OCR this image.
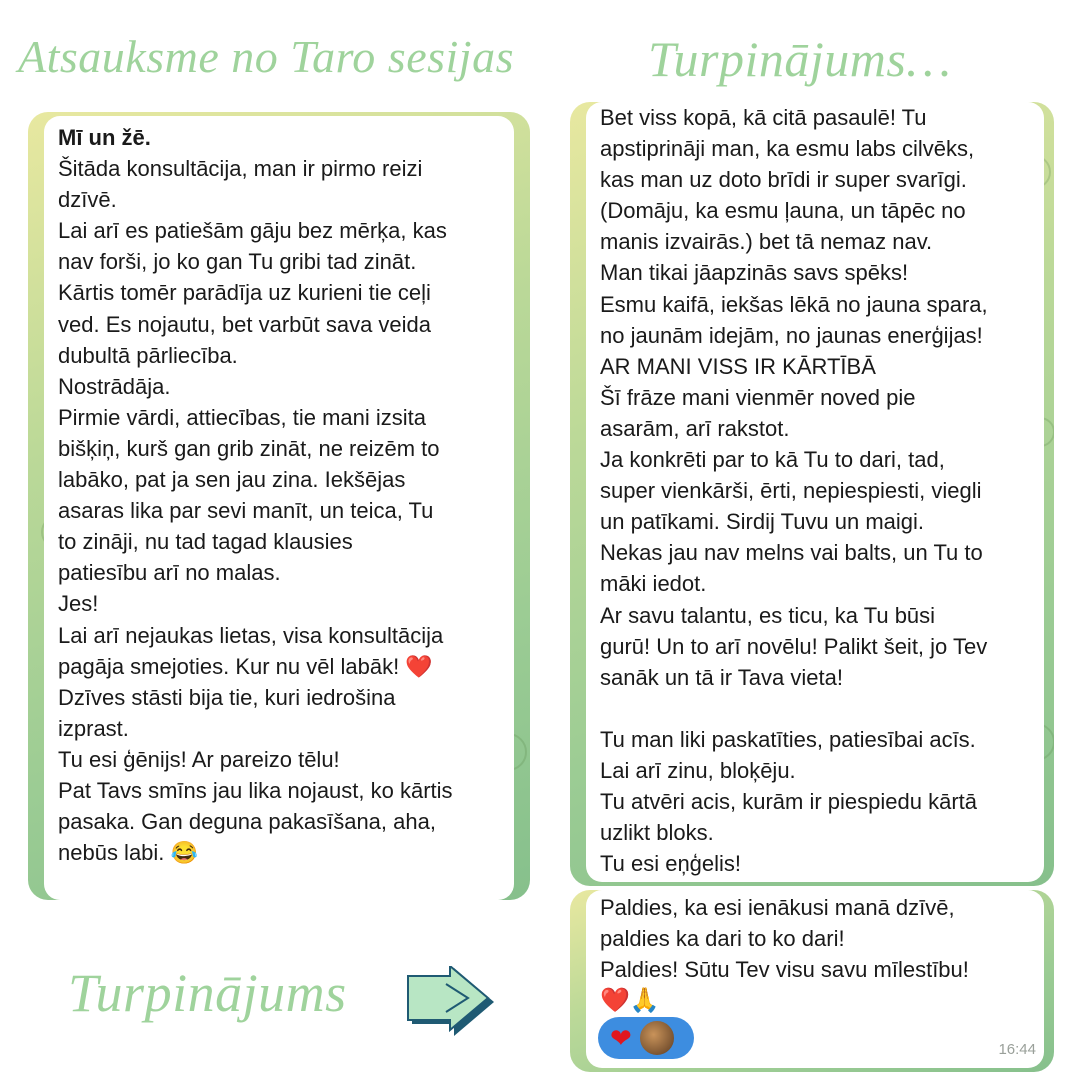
Atsauksme no Taro sesijas	Turpinājums…
Mī un žē.
Šitāda konsultācija, man ir pirmo reizi
dzīvē.
Lai arī es patiešām gāju bez mērķa, kas
nav forši, jo ko gan Tu gribi tad zināt.
Kārtis tomēr parādīja uz kurieni tie ceļi
ved. Es nojautu, bet varbūt sava veida
dubultā pārliecība.
Nostrādāja.
Pirmie vārdi, attiecības, tie mani izsita
bišķiņ, kurš gan grib zināt, ne reizēm to
labāko, pat ja sen jau zina. Iekšējas
asaras lika par sevi manīt, un teica, Tu
to zināji, nu tad tagad klausies
patiesību arī no malas.
Jes!
Lai arī nejaukas lietas, visa konsultācija
pagāja smejoties. Kur nu vēl labāk! ❤️
Dzīves stāsti bija tie, kuri iedrošina
izprast.
Tu esi ģēnijs! Ar pareizo tēlu!
Pat Tavs smīns jau lika nojaust, ko kārtis
pasaka. Gan deguna pakasīšana, aha,
nebūs labi. 😂
Bet viss kopā, kā citā pasaulē! Tu
apstiprināji man, ka esmu labs cilvēks,
kas man uz doto brīdi ir super svarīgi.
(Domāju, ka esmu ļauna, un tāpēc no
manis izvairās.) bet tā nemaz nav.
Man tikai jāapzinās savs spēks!
Esmu kaifā, iekšas lēkā no jauna spara,
no jaunām idejām, no jaunas enerģijas!
AR MANI VISS IR KĀRTĪBĀ
Šī frāze mani vienmēr noved pie
asarām, arī rakstot.
Ja konkrēti par to kā Tu to dari, tad,
super vienkārši, ērti, nepiespiesti, viegli
un patīkami. Sirdij Tuvu un maigi.
Nekas jau nav melns vai balts, un Tu to
māki iedot.
Ar savu talantu, es ticu, ka Tu būsi
gurū! Un to arī novēlu! Palikt šeit, jo Tev
sanāk un tā ir Tava vieta!

Tu man liki paskatīties, patiesībai acīs.
Lai arī zinu, bloķēju.
Tu atvēri acis, kurām ir piespiedu kārtā
uzlikt bloks.
Tu esi eņģelis!
Paldies, ka esi ienākusi manā dzīvē,
paldies ka dari to ko dari!
Paldies! Sūtu Tev visu savu mīlestību!
❤️🙏
❤	16:44
Turpinājums
